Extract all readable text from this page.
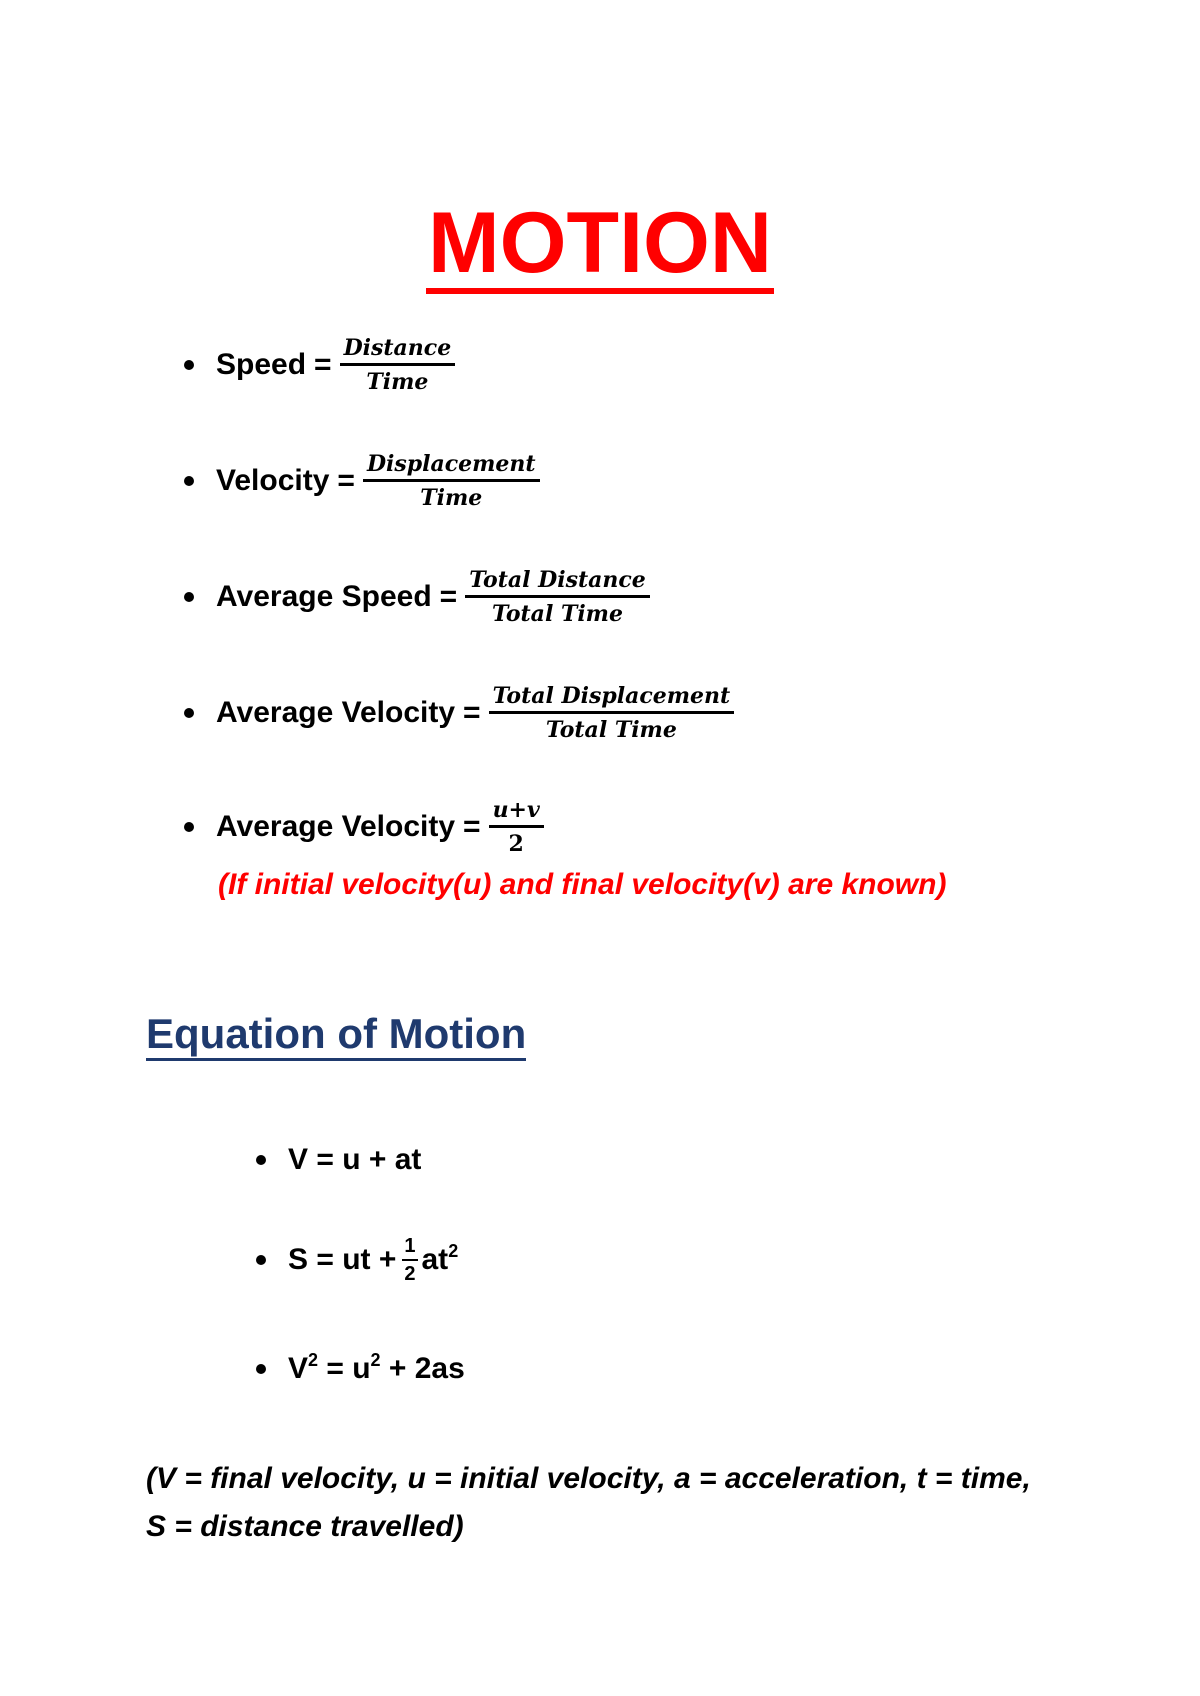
MOTION
Speed = $\frac{\text{Distance}}{\text{Time}}$
Velocity = $\frac{\text{Displacement}}{\text{Time}}$
Average Speed = $\frac{\text{Total Distance}}{\text{Total Time}}$
Average Velocity = $\frac{\text{Total Displacement}}{\text{Total Time}}$
Average Velocity = $\frac{u+v}{2}$
(If initial velocity(u) and final velocity(v) are known)
Equation of Motion
V = u + at
S = ut + $\frac{1}{2} at^2$
$V^2 = u^2 + 2as$
(V = final velocity, u = initial velocity, a = acceleration, t = time, S = distance travelled)
